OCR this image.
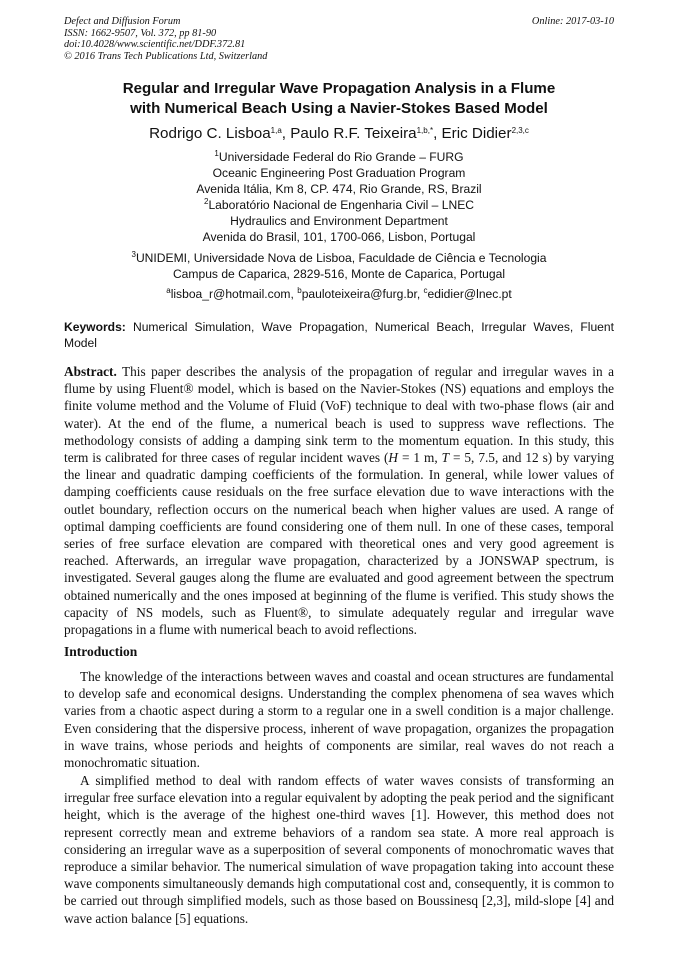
Defect and Diffusion Forum
ISSN: 1662-9507, Vol. 372, pp 81-90
doi:10.4028/www.scientific.net/DDF.372.81
© 2016 Trans Tech Publications Ltd, Switzerland
Online: 2017-03-10
Regular and Irregular Wave Propagation Analysis in a Flume
with Numerical Beach Using a Navier-Stokes Based Model
Rodrigo C. Lisboa$^{1,a}$, Paulo R.F. Teixeira$^{1,b,*}$, Eric Didier$^{2,3,c}$
$^1$Universidade Federal do Rio Grande – FURG
Oceanic Engineering Post Graduation Program
Avenida Itália, Km 8, CP. 474, Rio Grande, RS, Brazil
$^2$Laboratório Nacional de Engenharia Civil – LNEC
Hydraulics and Environment Department
Avenida do Brasil, 101, 1700-066, Lisbon, Portugal
$^3$UNIDEMI, Universidade Nova de Lisboa, Faculdade de Ciência e Tecnologia
Campus de Caparica, 2829-516, Monte de Caparica, Portugal
$^a$lisboa_r@hotmail.com, $^b$pauloteixeira@furg.br, $^c$edidier@lnec.pt
Keywords: Numerical Simulation, Wave Propagation, Numerical Beach, Irregular Waves, Fluent Model
Abstract. This paper describes the analysis of the propagation of regular and irregular waves in a flume by using Fluent® model, which is based on the Navier-Stokes (NS) equations and employs the finite volume method and the Volume of Fluid (VoF) technique to deal with two-phase flows (air and water). At the end of the flume, a numerical beach is used to suppress wave reflections. The methodology consists of adding a damping sink term to the momentum equation. In this study, this term is calibrated for three cases of regular incident waves (H = 1 m, T = 5, 7.5, and 12 s) by varying the linear and quadratic damping coefficients of the formulation. In general, while lower values of damping coefficients cause residuals on the free surface elevation due to wave interactions with the outlet boundary, reflection occurs on the numerical beach when higher values are used. A range of optimal damping coefficients are found considering one of them null. In one of these cases, temporal series of free surface elevation are compared with theoretical ones and very good agreement is reached. Afterwards, an irregular wave propagation, characterized by a JONSWAP spectrum, is investigated. Several gauges along the flume are evaluated and good agreement between the spectrum obtained numerically and the ones imposed at beginning of the flume is verified. This study shows the capacity of NS models, such as Fluent®, to simulate adequately regular and irregular wave propagations in a flume with numerical beach to avoid reflections.
Introduction
The knowledge of the interactions between waves and coastal and ocean structures are fundamental to develop safe and economical designs. Understanding the complex phenomena of sea waves which varies from a chaotic aspect during a storm to a regular one in a swell condition is a major challenge. Even considering that the dispersive process, inherent of wave propagation, organizes the propagation in wave trains, whose periods and heights of components are similar, real waves do not reach a monochromatic situation.
A simplified method to deal with random effects of water waves consists of transforming an irregular free surface elevation into a regular equivalent by adopting the peak period and the significant height, which is the average of the highest one-third waves [1]. However, this method does not represent correctly mean and extreme behaviors of a random sea state. A more real approach is considering an irregular wave as a superposition of several components of monochromatic waves that reproduce a similar behavior. The numerical simulation of wave propagation taking into account these wave components simultaneously demands high computational cost and, consequently, it is common to be carried out through simplified models, such as those based on Boussinesq [2,3], mild-slope [4] and wave action balance [5] equations.
